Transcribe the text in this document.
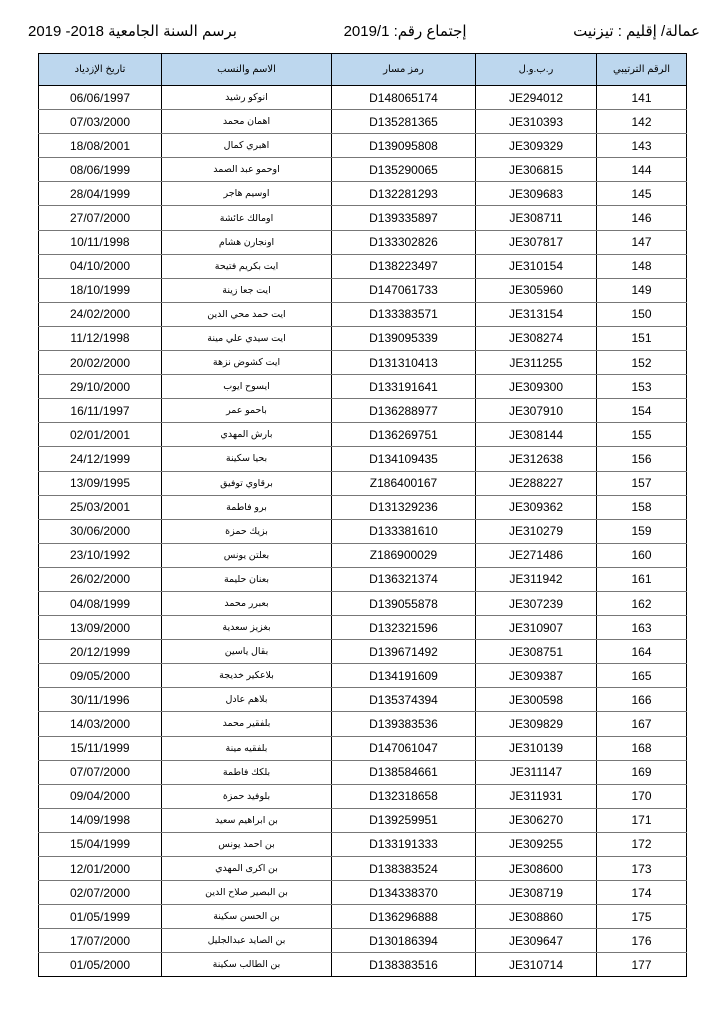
عمالة/ إقليم : تيزنيت
إجتماع رقم: 2019/1
برسم السنة الجامعية 2018- 2019
الرقم الترتيبي	ر.ب.و.ل	رمز مسار	الاسم والنسب	تاريخ الإزدياد
141	JE294012	D148065174	انوكو رشيد	06/06/1997
142	JE310393	D135281365	اهمان محمد	07/03/2000
143	JE309329	D139095808	اهبري كمال	18/08/2001
144	JE306815	D135290065	اوحمو عبد الصمد	08/06/1999
145	JE309683	D132281293	اوسيم هاجر	28/04/1999
146	JE308711	D139335897	اومالك عائشة	27/07/2000
147	JE307817	D133302826	اونجارن هشام	10/11/1998
148	JE310154	D138223497	ايت بكريم فتيحة	04/10/2000
149	JE305960	D147061733	ايت جعا زينة	18/10/1999
150	JE313154	D133383571	ايت حمد محي الدين	24/02/2000
151	JE308274	D139095339	ايت سيدي علي مينة	11/12/1998
152	JE311255	D131310413	ايت كشوض نزهة	20/02/2000
153	JE309300	D133191641	ايسوح ايوب	29/10/2000
154	JE307910	D136288977	باحمو عمر	16/11/1997
155	JE308144	D136269751	بارش المهدي	02/01/2001
156	JE312638	D134109435	بحيا سكينة	24/12/1999
157	JE288227	Z186400167	برقاوي توفيق	13/09/1995
158	JE309362	D131329236	برو فاطمة	25/03/2001
159	JE310279	D133381610	بزيك حمزة	30/06/2000
160	JE271486	Z186900029	بعلتن يونس	23/10/1992
161	JE311942	D136321374	بعنان حليمة	26/02/2000
162	JE307239	D139055878	بعبرر محمد	04/08/1999
163	JE310907	D132321596	بغزيز سعدية	13/09/2000
164	JE308751	D139671492	بقال ياسين	20/12/1999
165	JE309387	D134191609	بلاعكير خديجة	09/05/2000
166	JE300598	D135374394	بلاهم عادل	30/11/1996
167	JE309829	D139383536	بلفقير محمد	14/03/2000
168	JE310139	D147061047	بلفقيه مينة	15/11/1999
169	JE311147	D138584661	بلكك فاطمة	07/07/2000
170	JE311931	D132318658	بلوفيد حمزة	09/04/2000
171	JE306270	D139259951	بن ابراهيم سعيد	14/09/1998
172	JE309255	D133191333	بن احمد يونس	15/04/1999
173	JE308600	D138383524	بن اكرى المهدي	12/01/2000
174	JE308719	D134338370	بن البصير صلاح الدين	02/07/2000
175	JE308860	D136296888	بن الحسن سكينة	01/05/1999
176	JE309647	D130186394	بن الصايد عبدالجليل	17/07/2000
177	JE310714	D138383516	بن الطالب سكينة	01/05/2000
